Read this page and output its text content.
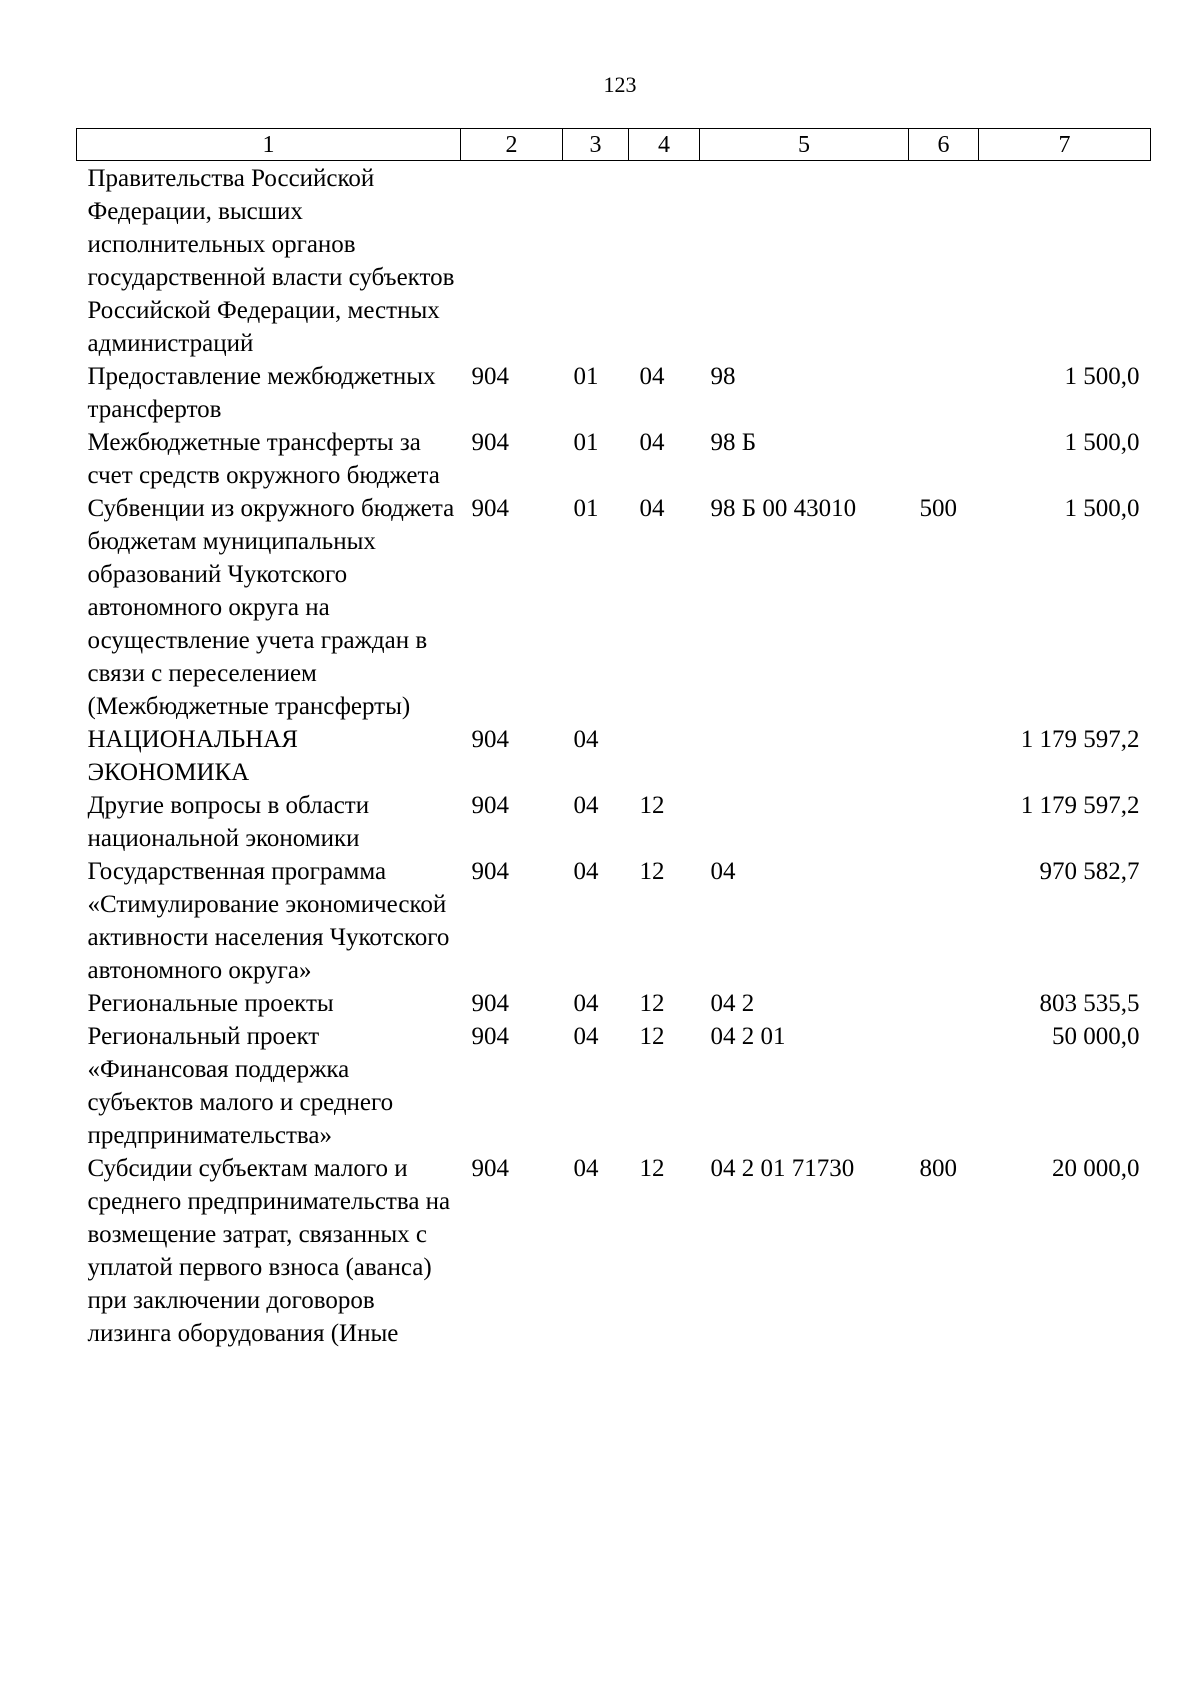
123
1	2	3	4	5	6	7
Правительства Российской Федерации, высших исполнительных органов государственной власти субъектов Российской Федерации, местных администраций						
Предоставление межбюджетных трансфертов	904	01	04	98		1 500,0
Межбюджетные трансферты за счет средств окружного бюджета	904	01	04	98 Б		1 500,0
Субвенции из окружного бюджета бюджетам муниципальных образований Чукотского автономного округа на осуществление учета граждан в связи с переселением (Межбюджетные трансферты)	904	01	04	98 Б 00 43010	500	1 500,0
НАЦИОНАЛЬНАЯ ЭКОНОМИКА	904	04				1 179 597,2
Другие вопросы в области национальной экономики	904	04	12			1 179 597,2
Государственная программа «Стимулирование экономической активности населения Чукотского автономного округа»	904	04	12	04		970 582,7
Региональные проекты	904	04	12	04 2		803 535,5
Региональный проект «Финансовая поддержка субъектов малого и среднего предпринимательства»	904	04	12	04 2 01		50 000,0
Субсидии субъектам малого и среднего предпринимательства на возмещение затрат, связанных с уплатой первого взноса (аванса) при заключении договоров лизинга оборудования (Иные	904	04	12	04 2 01 71730	800	20 000,0
